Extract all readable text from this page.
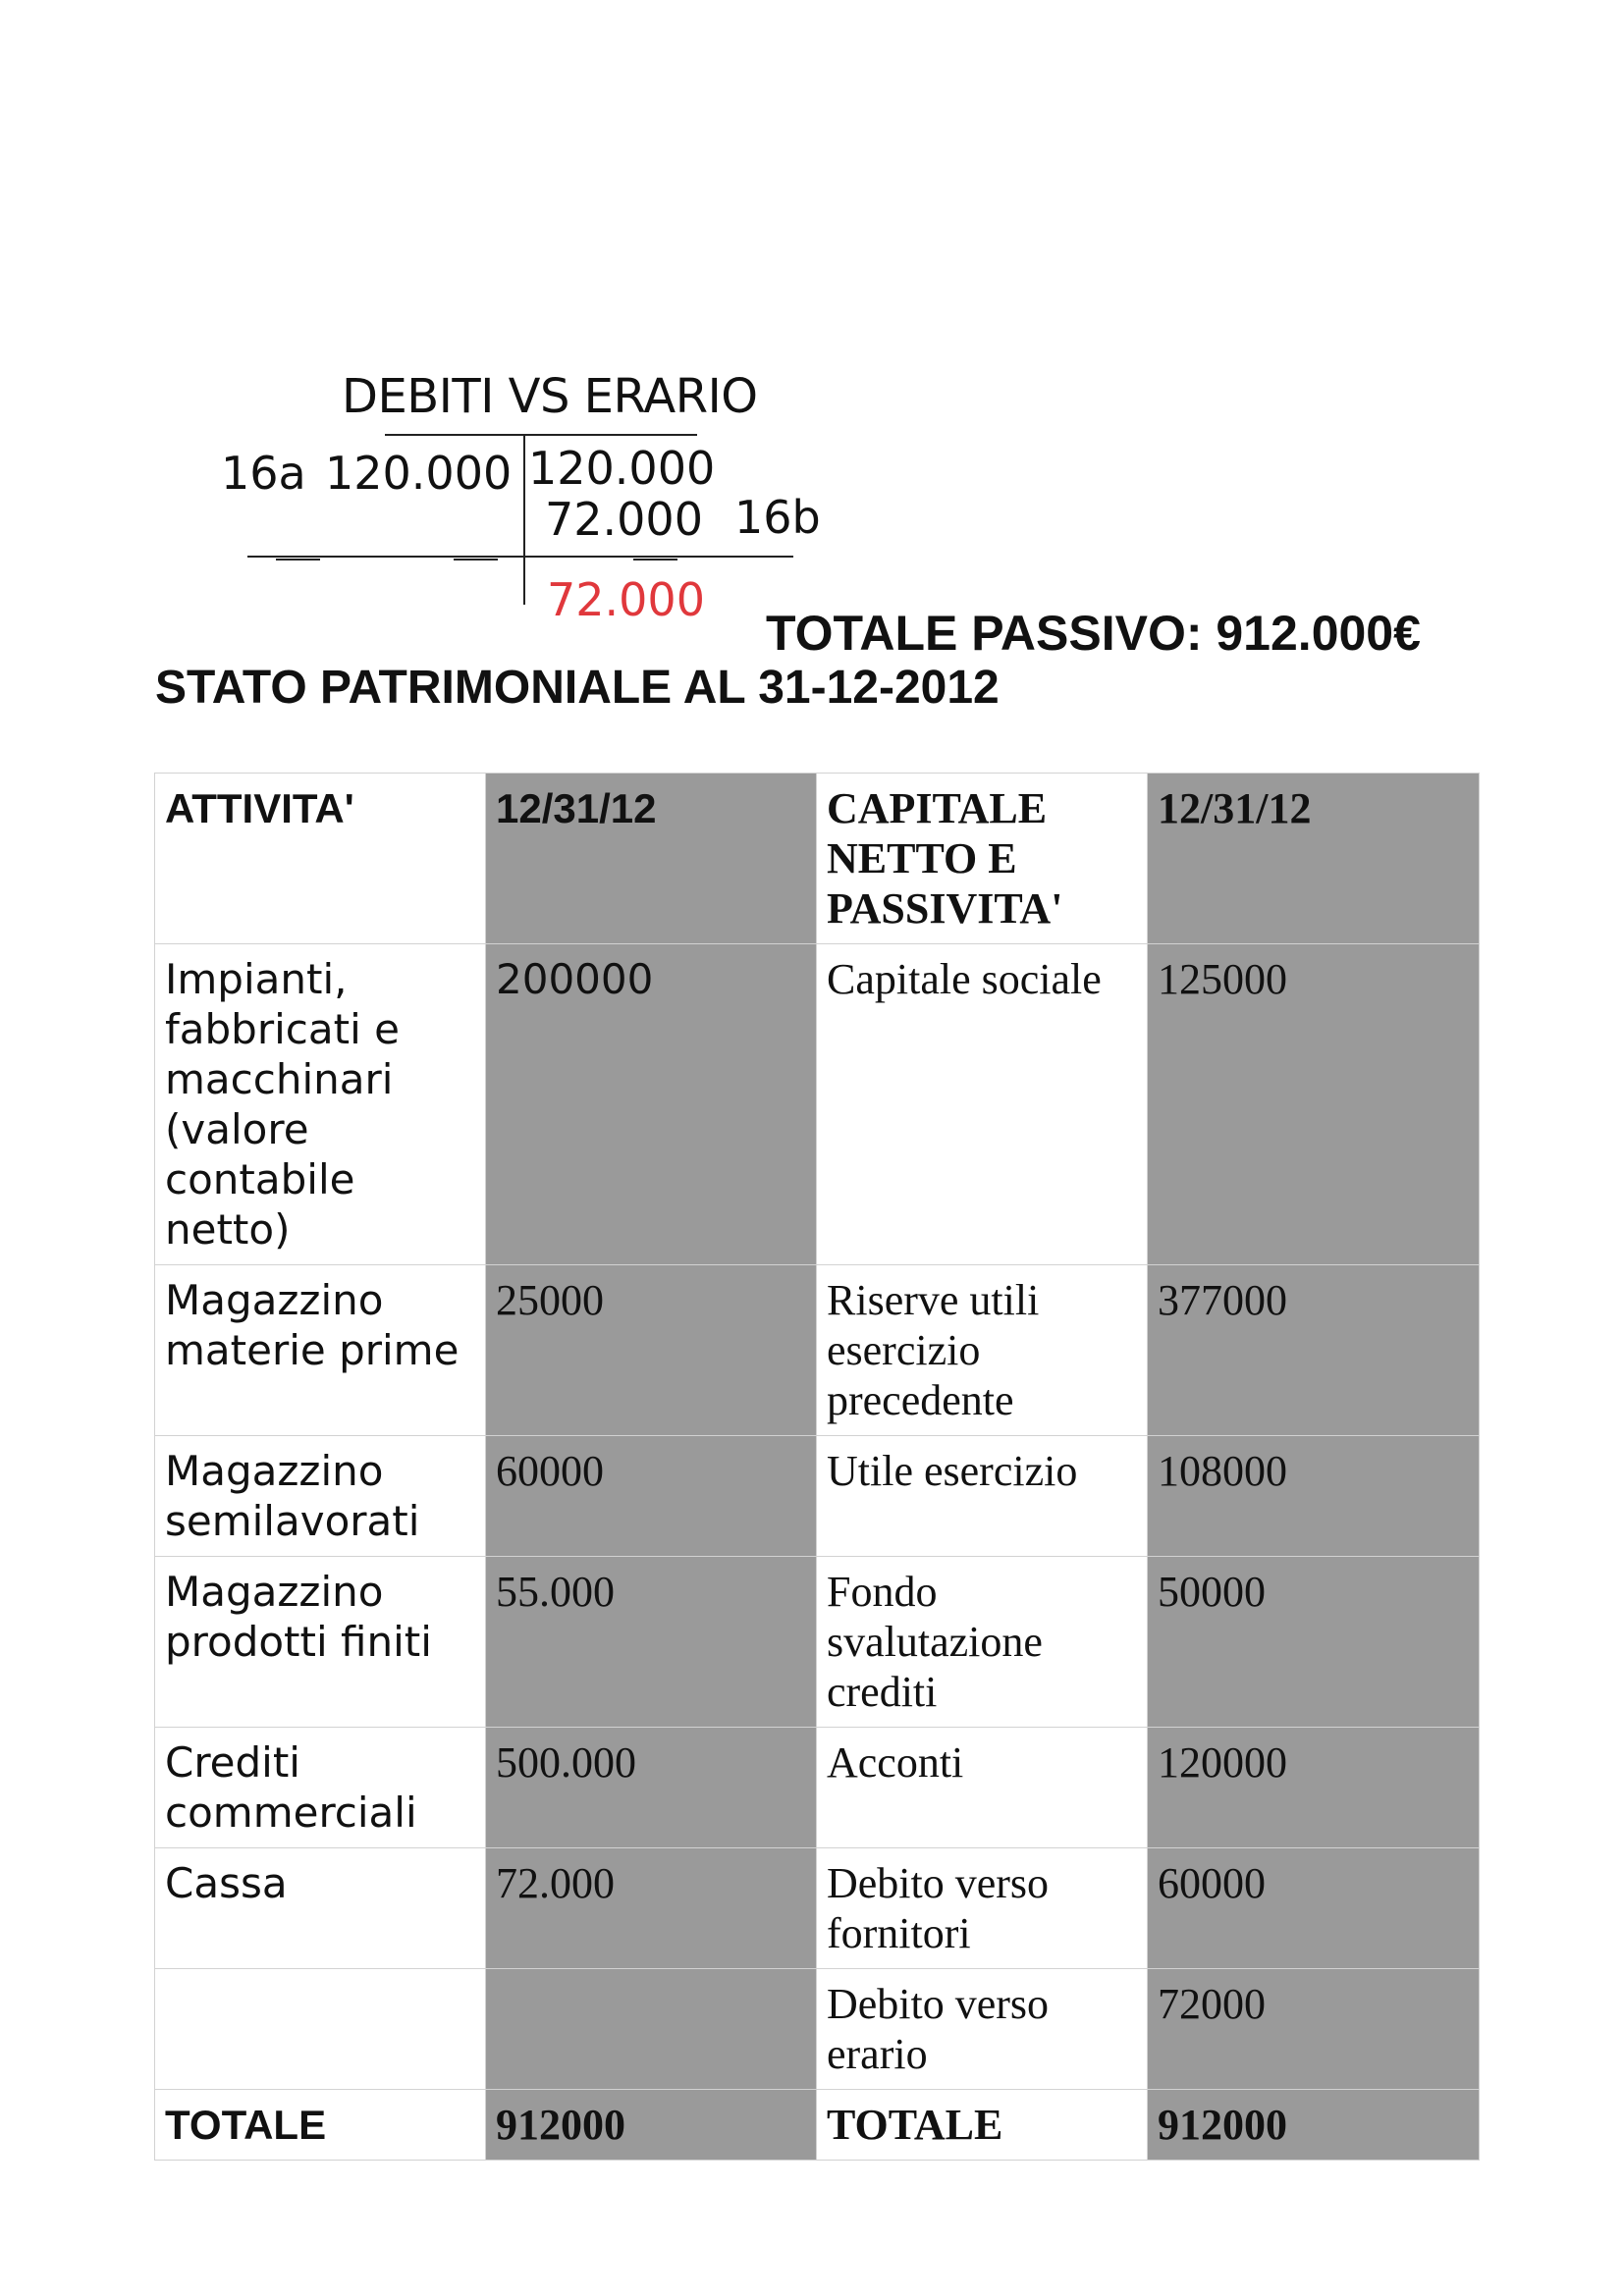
DEBITI VS ERARIO
16a 120.000 120.000
72.000 16b
72.000
TOTALE PASSIVO: 912.000€
STATO PATRIMONIALE AL 31-12-2012
ATTIVITA'	12/31/12	CAPITALE NETTO E PASSIVITA'	12/31/12
Impianti, fabbricati e macchinari (valore contabile netto)	200000	Capitale sociale	125000
Magazzino materie prime	25000	Riserve utili esercizio precedente	377000
Magazzino semilavorati	60000	Utile esercizio	108000
Magazzino prodotti finiti	55.000	Fondo svalutazione crediti	50000
Crediti commerciali	500.000	Acconti	120000
Cassa	72.000	Debito verso fornitori	60000
		Debito verso erario	72000
TOTALE	912000	TOTALE	912000
